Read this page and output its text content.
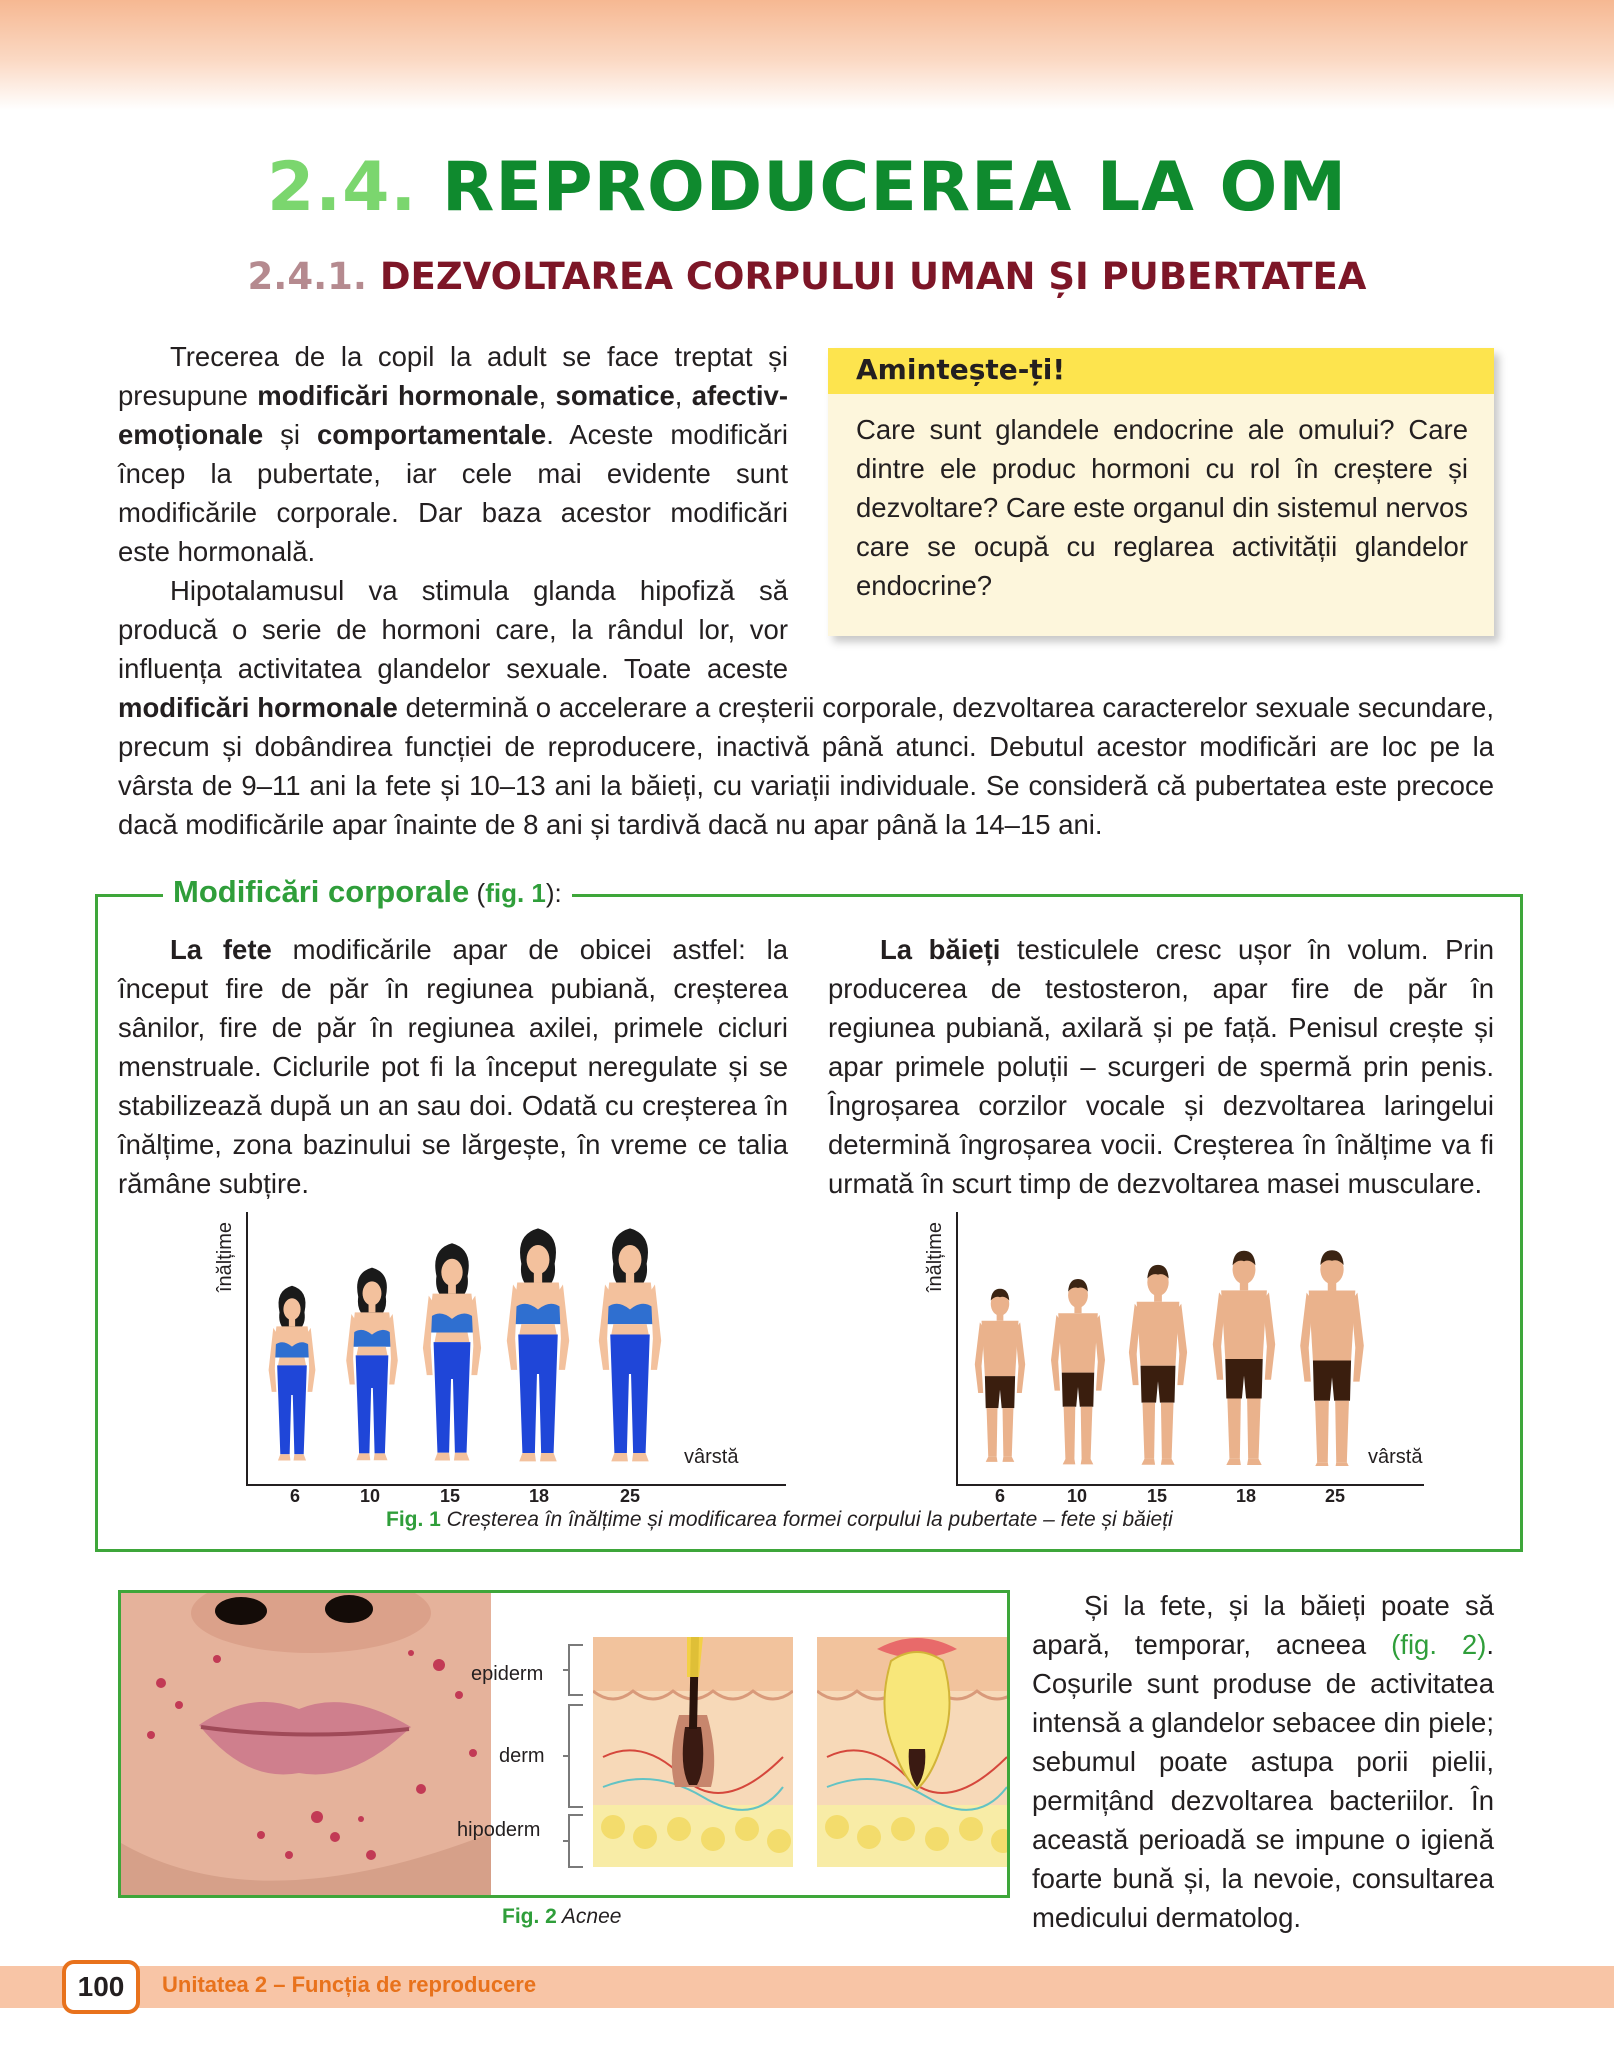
2.4. REPRODUCEREA LA OM
2.4.1. DEZVOLTAREA CORPULUI UMAN ȘI PUBERTATEA
Trecerea de la copil la adult se face treptat și presupune modificări hormonale, somatice, afectiv-emoționale și comportamentale. Aceste modificări încep la pubertate, iar cele mai evidente sunt modificările corporale. Dar baza acestor modificări este hormonală.
Hipotalamusul va stimula glanda hipofiză să producă o serie de hormoni care, la rândul lor, vor influența activitatea glandelor sexuale. Toate aceste
modificări hormonale determină o accelerare a creșterii corporale, dezvoltarea caracterelor sexuale secundare, precum și dobândirea funcției de reproducere, inactivă până atunci. Debutul acestor modificări are loc pe la vârsta de 9–11 ani la fete și 10–13 ani la băieți, cu variații individuale. Se consideră că pubertatea este precoce dacă modificările apar înainte de 8 ani și tardivă dacă nu apar până la 14–15 ani.
Amintește-ți!
Care sunt glandele endocrine ale omului? Care dintre ele produc hormoni cu rol în creștere și dezvoltare? Care este organul din sistemul nervos care se ocupă cu reglarea activității glandelor endocrine?
Modificări corporale (fig. 1):
La fete modificările apar de obicei astfel: la început fire de păr în regiunea pubiană, creșterea sânilor, fire de păr în regiunea axilei, primele cicluri menstruale. Ciclurile pot fi la început neregulate și se stabilizează după un an sau doi. Odată cu creșterea în înălțime, zona bazinului se lărgește, în vreme ce talia rămâne subțire.
La băieți testiculele cresc ușor în volum. Prin producerea de testosteron, apar fire de păr în regiunea pubiană, axilară și pe față. Penisul crește și apar primele poluții – scurgeri de spermă prin penis. Îngroșarea corzilor vocale și dezvoltarea laringelui determină îngroșarea vocii. Creșterea în înălțime va fi urmată în scurt timp de dezvoltarea masei musculare.
înălțime
vârstă
6	10	15	18	25
înălțime
vârstă
6	10	15	18	25
Fig. 1 Creșterea în înălțime și modificarea formei corpului la pubertate – fete și băieți
epiderm
derm
hipoderm
Fig. 2 Acnee
Și la fete, și la băieți poate să apară, temporar, acneea (fig. 2). Coșurile sunt produse de activitatea intensă a glandelor sebacee din piele; sebumul poate astupa porii pielii, permițând dezvoltarea bacteriilor. În această perioadă se impune o igienă foarte bună și, la nevoie, consultarea medicului dermatolog.
100	Unitatea 2 – Funcția de reproducere
